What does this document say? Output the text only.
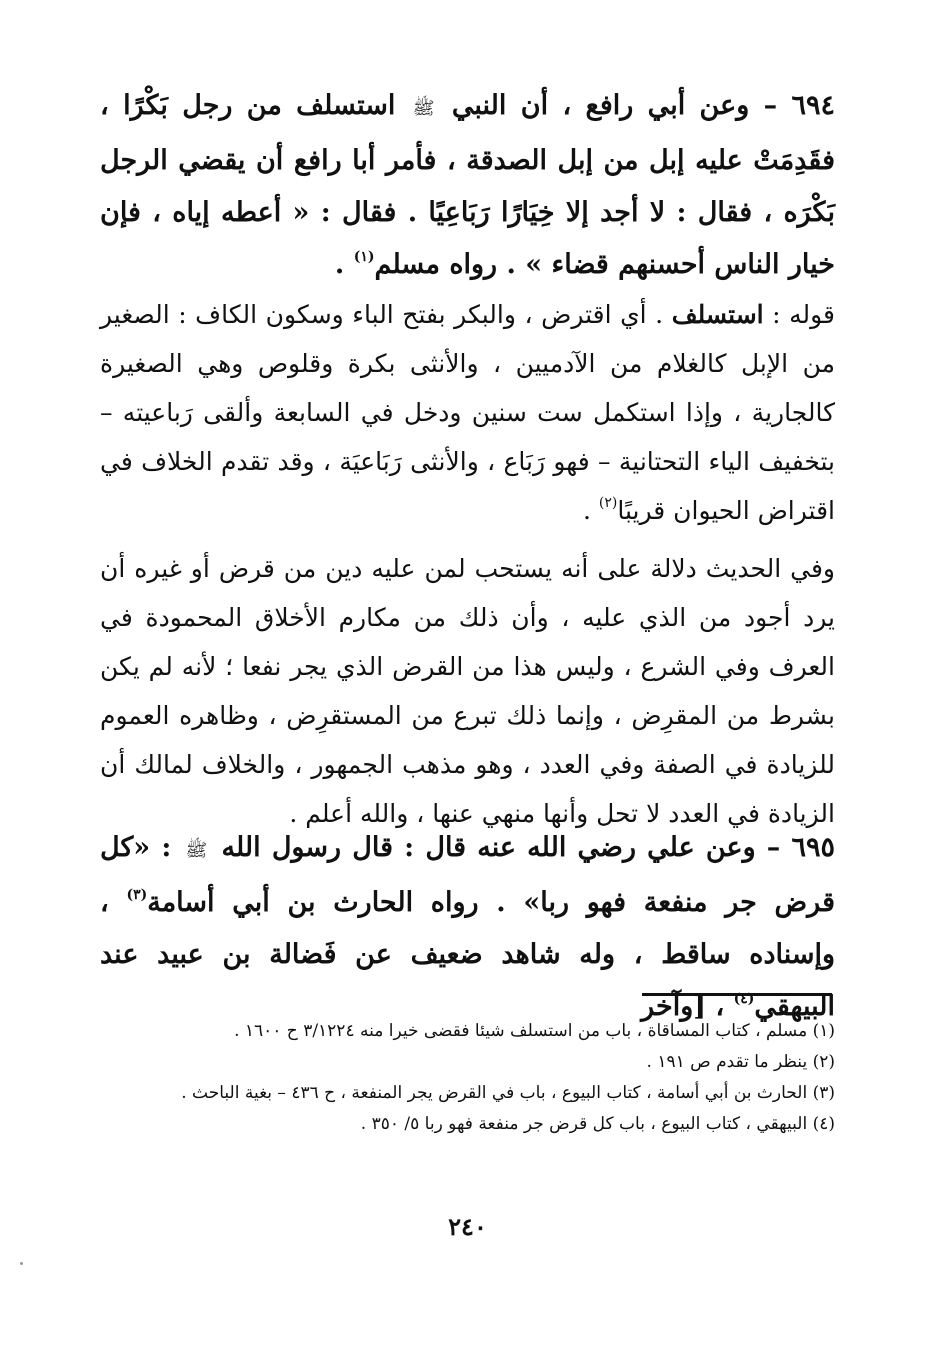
٦٩٤ – وعن أبي رافع ، أن النبي ﷺ استسلف من رجل بَكْرًا ، فقَدِمَتْ عليه إبل من إبل الصدقة ، فأمر أبا رافع أن يقضي الرجل بَكْرَه ، فقال : لا أجد إلا خِيَارًا رَبَاعِيًا . فقال : « أعطه إياه ، فإن خيار الناس أحسنهم قضاء » . رواه مسلم$^{(١)}$ .

قوله : استسلف . أي اقترض ، والبكر بفتح الباء وسكون الكاف : الصغير من الإبل كالغلام من الآدميين ، والأنثى بكرة وقلوص وهي الصغيرة كالجارية ، وإذا استكمل ست سنين ودخل في السابعة وألقى رَباعيته – بتخفيف الياء التحتانية – فهو رَبَاع ، والأنثى رَبَاعيَة ، وقد تقدم الخلاف في اقتراض الحيوان قريبًا$^{(٢)}$ .

وفي الحديث دلالة على أنه يستحب لمن عليه دين من قرض أو غيره أن يرد أجود من الذي عليه ، وأن ذلك من مكارم الأخلاق المحمودة في العرف وفي الشرع ، وليس هذا من القرض الذي يجر نفعا ؛ لأنه لم يكن بشرط من المقرِض ، وإنما ذلك تبرع من المستقرِض ، وظاهره العموم للزيادة في الصفة وفي العدد ، وهو مذهب الجمهور ، والخلاف لمالك أن الزيادة في العدد لا تحل وأنها منهي عنها ، والله أعلم .

٦٩٥ – وعن علي رضي الله عنه قال : قال رسول الله ﷺ : «كل قرض جر منفعة فهو ربا» . رواه الحارث بن أبي أسامة$^{(٣)}$ ، وإسناده ساقط ، وله شاهد ضعيف عن فَضالة بن عبيد عند البيهقي$^{(٤)}$ ، [وآخر

(١) مسلم ، كتاب المساقاة ، باب من استسلف شيئا فقضى خيرا منه ٣/١٢٢٤ ح ١٦٠٠ .

(٢) ينظر ما تقدم ص ١٩١ .

(٣) الحارث بن أبي أسامة ، كتاب البيوع ، باب في القرض يجر المنفعة ، ح ٤٣٦ – بغية الباحث .

(٤) البيهقي ، كتاب البيوع ، باب كل قرض جر منفعة فهو ربا ٥/ ٣٥٠ .

٢٤٠
